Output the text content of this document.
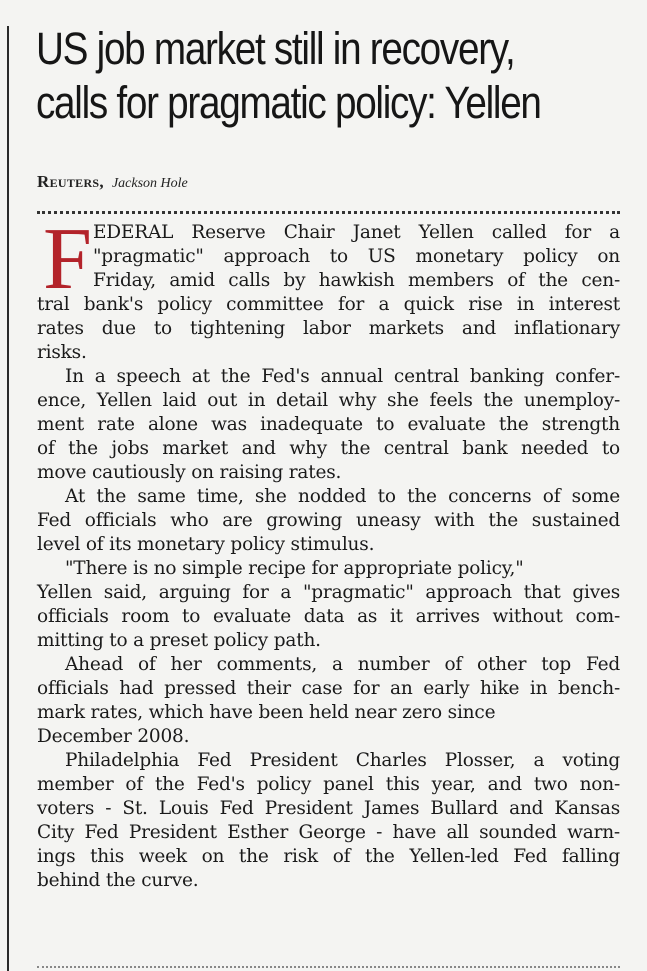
US job market still in recovery,
calls for pragmatic policy: Yellen
Reuters, Jackson Hole
F EDERAL Reserve Chair Janet Yellen called for a
"pragmatic" approach to US monetary policy on
Friday, amid calls by hawkish members of the cen-
tral bank's policy committee for a quick rise in interest
rates due to tightening labor markets and inflationary
risks.
In a speech at the Fed's annual central banking confer-
ence, Yellen laid out in detail why she feels the unemploy-
ment rate alone was inadequate to evaluate the strength
of the jobs market and why the central bank needed to
move cautiously on raising rates.
At the same time, she nodded to the concerns of some
Fed officials who are growing uneasy with the sustained
level of its monetary policy stimulus.
"There is no simple recipe for appropriate policy,"
Yellen said, arguing for a "pragmatic" approach that gives
officials room to evaluate data as it arrives without com-
mitting to a preset policy path.
Ahead of her comments, a number of other top Fed
officials had pressed their case for an early hike in bench-
mark rates, which have been held near zero since
December 2008.
Philadelphia Fed President Charles Plosser, a voting
member of the Fed's policy panel this year, and two non-
voters - St. Louis Fed President James Bullard and Kansas
City Fed President Esther George - have all sounded warn-
ings this week on the risk of the Yellen-led Fed falling
behind the curve.
